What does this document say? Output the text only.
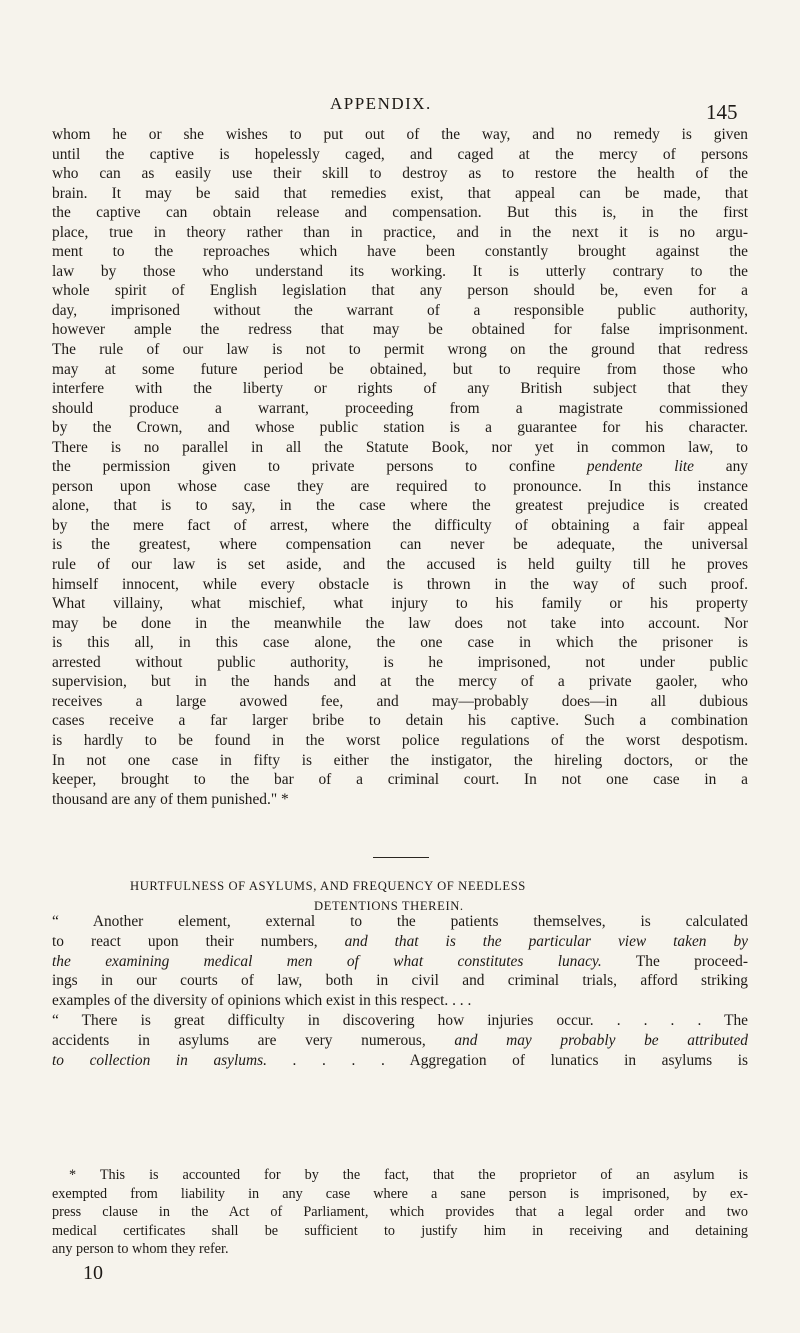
APPENDIX.	145
whom he or she wishes to put out of the way, and no remedy is given
until the captive is hopelessly caged, and caged at the mercy of persons
who can as easily use their skill to destroy as to restore the health of the
brain. It may be said that remedies exist, that appeal can be made, that
the captive can obtain release and compensation. But this is, in the first
place, true in theory rather than in practice, and in the next it is no argu-
ment to the reproaches which have been constantly brought against the
law by those who understand its working. It is utterly contrary to the
whole spirit of English legislation that any person should be, even for a
day, imprisoned without the warrant of a responsible public authority,
however ample the redress that may be obtained for false imprisonment.
The rule of our law is not to permit wrong on the ground that redress
may at some future period be obtained, but to require from those who
interfere with the liberty or rights of any British subject that they
should produce a warrant, proceeding from a magistrate commissioned
by the Crown, and whose public station is a guarantee for his character.
There is no parallel in all the Statute Book, nor yet in common law, to
the permission given to private persons to confine pendente lite any
person upon whose case they are required to pronounce. In this instance
alone, that is to say, in the case where the greatest prejudice is created
by the mere fact of arrest, where the difficulty of obtaining a fair appeal
is the greatest, where compensation can never be adequate, the universal
rule of our law is set aside, and the accused is held guilty till he proves
himself innocent, while every obstacle is thrown in the way of such proof.
What villainy, what mischief, what injury to his family or his property
may be done in the meanwhile the law does not take into account. Nor
is this all, in this case alone, the one case in which the prisoner is
arrested without public authority, is he imprisoned, not under public
supervision, but in the hands and at the mercy of a private gaoler, who
receives a large avowed fee, and may—probably does—in all dubious
cases receive a far larger bribe to detain his captive. Such a combination
is hardly to be found in the worst police regulations of the worst despotism.
In not one case in fifty is either the instigator, the hireling doctors, or the
keeper, brought to the bar of a criminal court. In not one case in a
thousand are any of them punished." *
HURTFULNESS OF ASYLUMS, AND FREQUENCY OF NEEDLESS
DETENTIONS THEREIN.
“ Another element, external to the patients themselves, is calculated
to react upon their numbers, and that is the particular view taken by
the examining medical men of what constitutes lunacy. The proceed-
ings in our courts of law, both in civil and criminal trials, afford striking
examples of the diversity of opinions which exist in this respect. . . .
“ There is great difficulty in discovering how injuries occur. . . . . The
accidents in asylums are very numerous, and may probably be attributed
to collection in asylums. . . . . Aggregation of lunatics in asylums is
* This is accounted for by the fact, that the proprietor of an asylum is
exempted from liability in any case where a sane person is imprisoned, by ex-
press clause in the Act of Parliament, which provides that a legal order and two
medical certificates shall be sufficient to justify him in receiving and detaining
any person to whom they refer.
10
